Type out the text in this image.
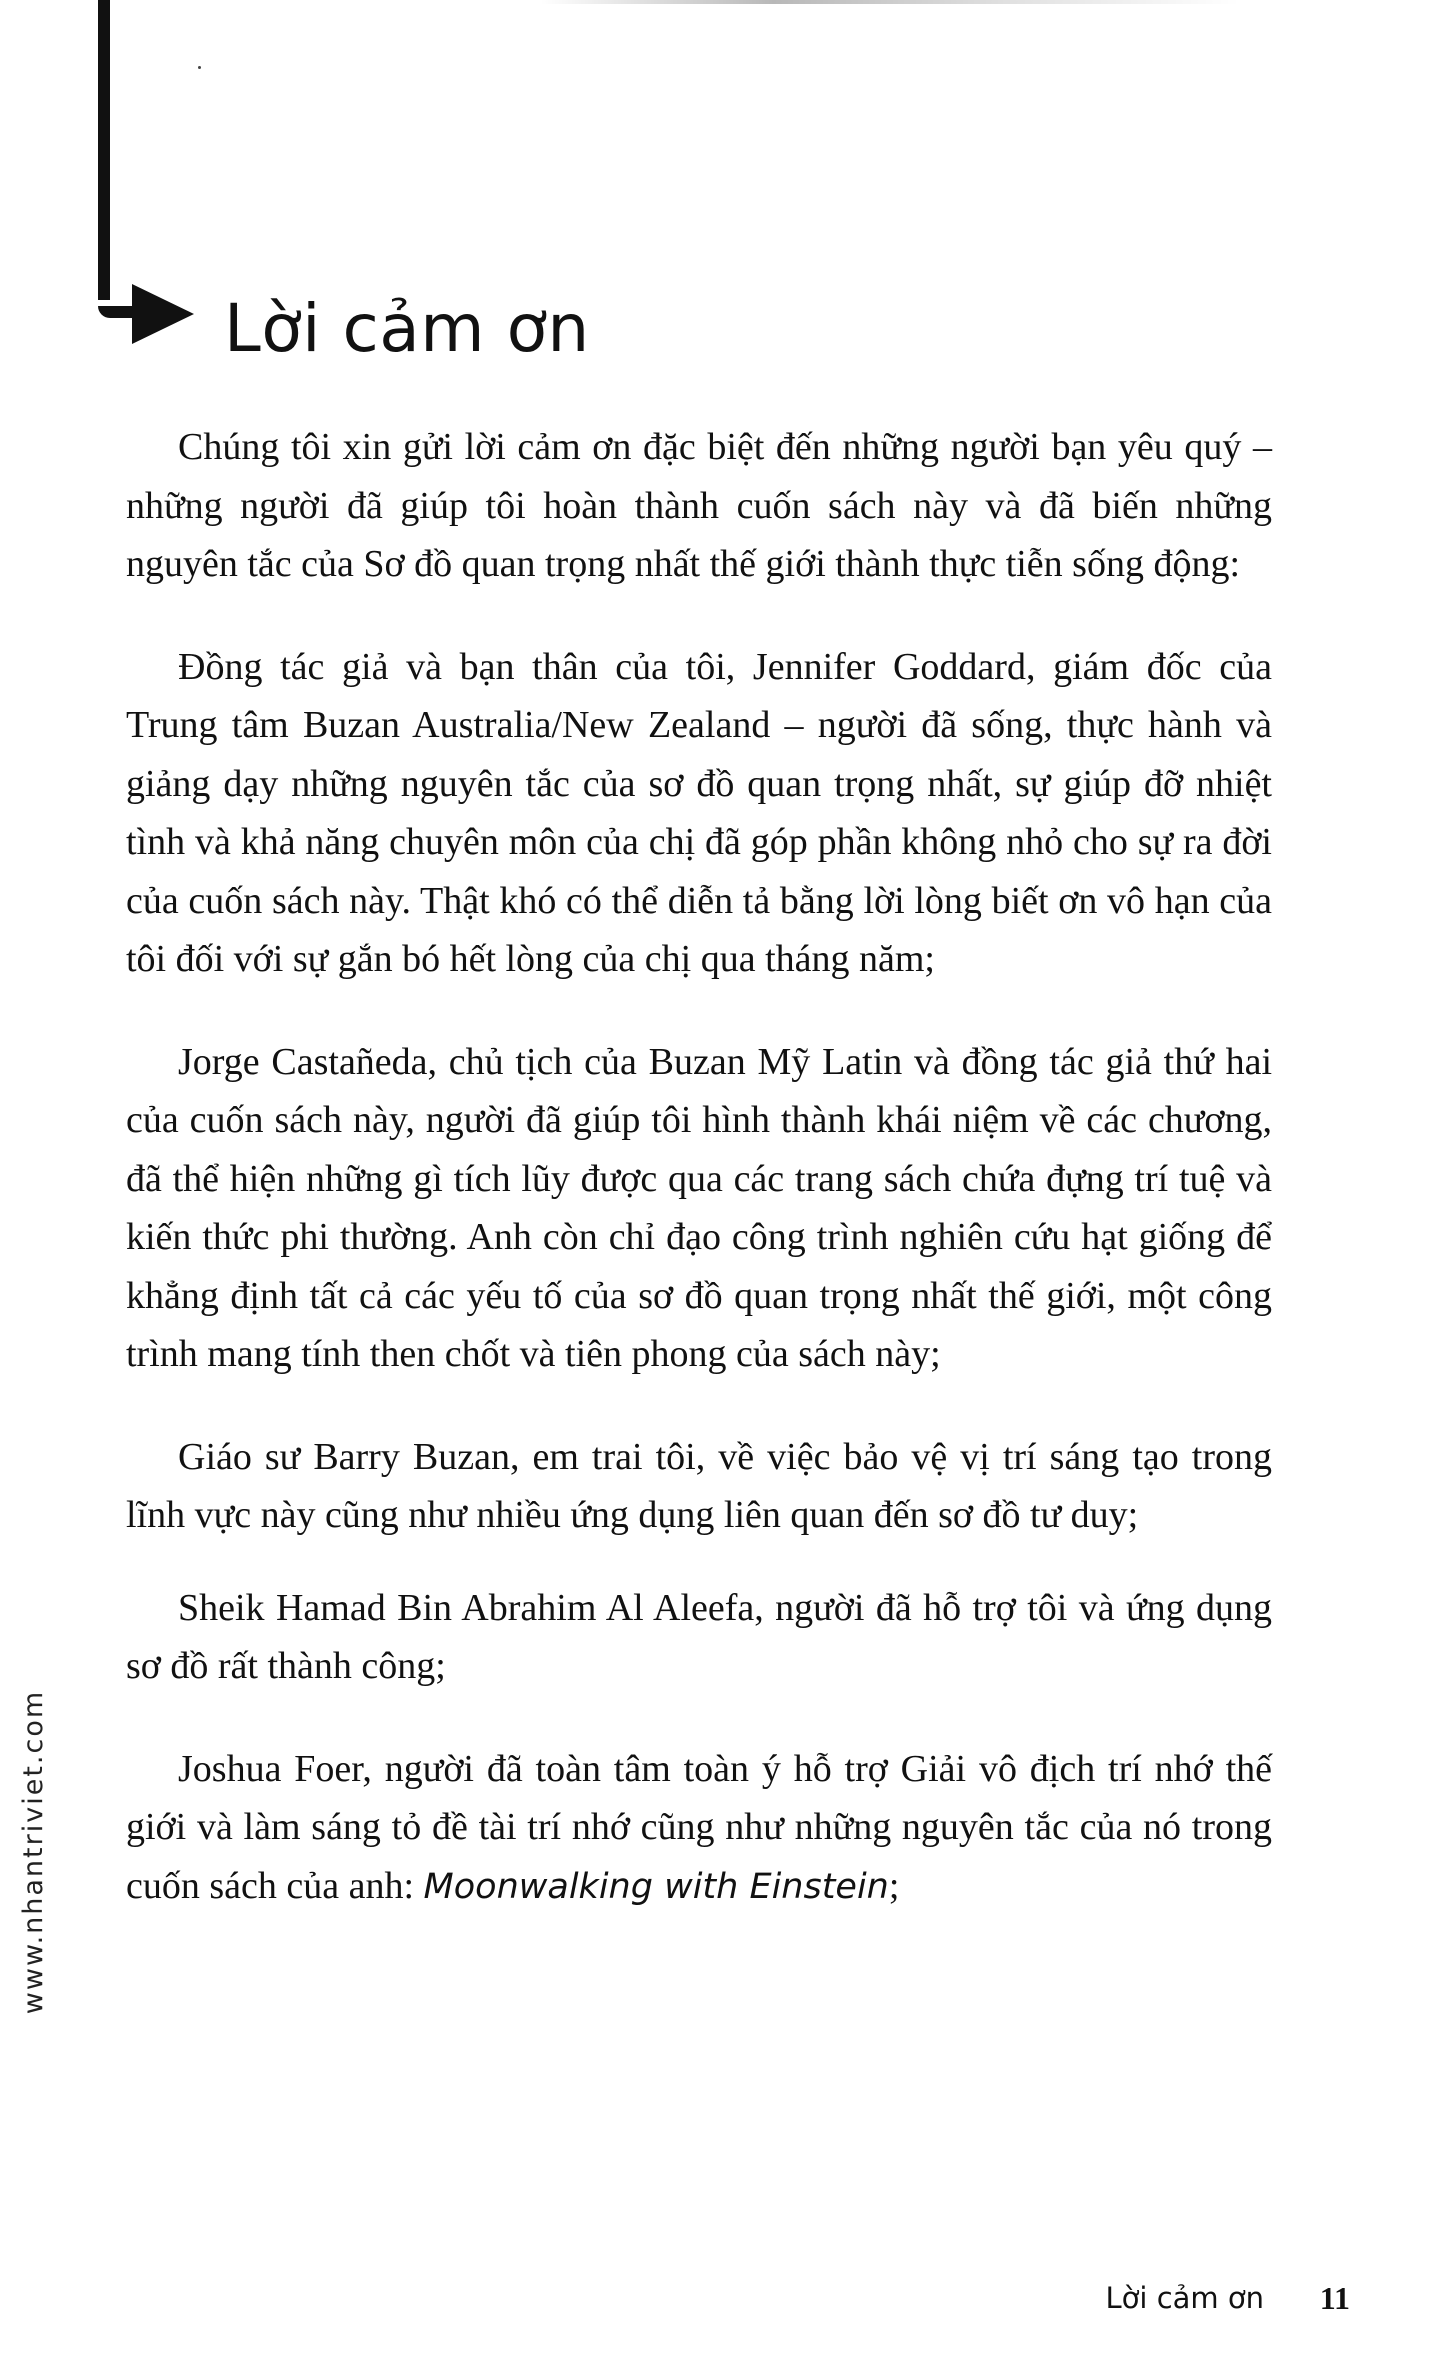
Lời cảm ơn

Chúng tôi xin gửi lời cảm ơn đặc biệt đến những người bạn yêu quý – những người đã giúp tôi hoàn thành cuốn sách này và đã biến những nguyên tắc của Sơ đồ quan trọng nhất thế giới thành thực tiễn sống động:

Đồng tác giả và bạn thân của tôi, Jennifer Goddard, giám đốc của Trung tâm Buzan Australia/New Zealand – người đã sống, thực hành và giảng dạy những nguyên tắc của sơ đồ quan trọng nhất, sự giúp đỡ nhiệt tình và khả năng chuyên môn của chị đã góp phần không nhỏ cho sự ra đời của cuốn sách này. Thật khó có thể diễn tả bằng lời lòng biết ơn vô hạn của tôi đối với sự gắn bó hết lòng của chị qua tháng năm;

Jorge Castañeda, chủ tịch của Buzan Mỹ Latin và đồng tác giả thứ hai của cuốn sách này, người đã giúp tôi hình thành khái niệm về các chương, đã thể hiện những gì tích lũy được qua các trang sách chứa đựng trí tuệ và kiến thức phi thường. Anh còn chỉ đạo công trình nghiên cứu hạt giống để khẳng định tất cả các yếu tố của sơ đồ quan trọng nhất thế giới, một công trình mang tính then chốt và tiên phong của sách này;

Giáo sư Barry Buzan, em trai tôi, về việc bảo vệ vị trí sáng tạo trong lĩnh vực này cũng như nhiều ứng dụng liên quan đến sơ đồ tư duy;

Sheik Hamad Bin Abrahim Al Aleefa, người đã hỗ trợ tôi và ứng dụng sơ đồ rất thành công;

Joshua Foer, người đã toàn tâm toàn ý hỗ trợ Giải vô địch trí nhớ thế giới và làm sáng tỏ đề tài trí nhớ cũng như những nguyên tắc của nó trong cuốn sách của anh: Moonwalking with Einstein;

www.nhantriviet.com
Lời cảm ơn 11
